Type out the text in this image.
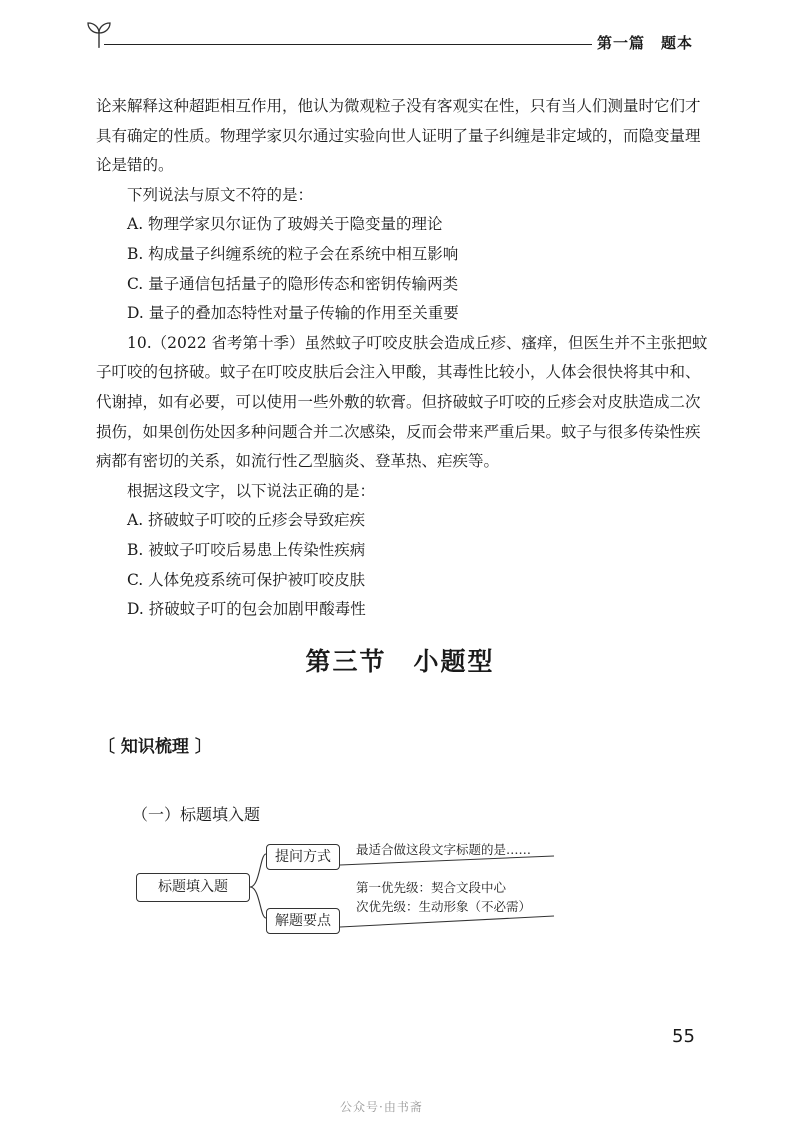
第一篇　题本

论来解释这种超距相互作用，他认为微观粒子没有客观实在性，只有当人们测量时它们才具有确定的性质。物理学家贝尔通过实验向世人证明了量子纠缠是非定域的，而隐变量理论是错的。

下列说法与原文不符的是：

A. 物理学家贝尔证伪了玻姆关于隐变量的理论

B. 构成量子纠缠系统的粒子会在系统中相互影响

C. 量子通信包括量子的隐形传态和密钥传输两类

D. 量子的叠加态特性对量子传输的作用至关重要

10.（2022 省考第十季）虽然蚊子叮咬皮肤会造成丘疹、瘙痒，但医生并不主张把蚊子叮咬的包挤破。蚊子在叮咬皮肤后会注入甲酸，其毒性比较小，人体会很快将其中和、代谢掉，如有必要，可以使用一些外敷的软膏。但挤破蚊子叮咬的丘疹会对皮肤造成二次损伤，如果创伤处因多种问题合并二次感染，反而会带来严重后果。蚊子与很多传染性疾病都有密切的关系，如流行性乙型脑炎、登革热、疟疾等。

根据这段文字，以下说法正确的是：

A. 挤破蚊子叮咬的丘疹会导致疟疾

B. 被蚊子叮咬后易患上传染性疾病

C. 人体免疫系统可保护被叮咬皮肤

D. 挤破蚊子叮的包会加剧甲酸毒性

第三节　小题型
〔 知识梳理 〕
（一）标题填入题
标题填入题
提问方式
解题要点
最适合做这段文字标题的是……
第一优先级：契合文段中心
次优先级：生动形象（不必需）
55
公众号·由书斋
